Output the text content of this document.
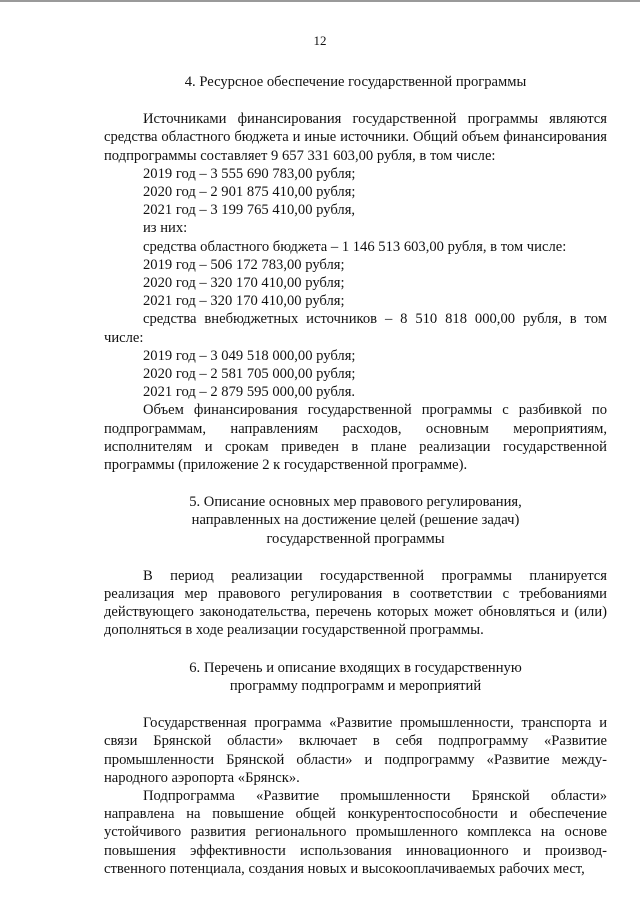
12

4. Ресурсное обеспечение государственной программы

Источниками финансирования государственной программы являются средства областного бюджета и иные источники. Общий объем финансирования подпрограммы составляет 9 657 331 603,00 рубля, в том числе:

2019 год – 3 555 690 783,00 рубля;

2020 год – 2 901 875 410,00 рубля;

2021 год – 3 199 765 410,00 рубля,

из них:

средства областного бюджета – 1 146 513 603,00 рубля, в том числе:

2019 год – 506 172 783,00 рубля;

2020 год – 320 170 410,00 рубля;

2021 год – 320 170 410,00 рубля;

средства внебюджетных источников – 8 510 818 000,00 рубля, в том числе:

2019 год – 3 049 518 000,00 рубля;

2020 год – 2 581 705 000,00 рубля;

2021 год – 2 879 595 000,00 рубля.

Объем финансирования государственной программы с разбивкой по подпрограммам, направлениям расходов, основным мероприятиям, исполнителям и срокам приведен в плане реализации государственной программы (приложение 2 к государственной программе).

5. Описание основных мер правового регулирования,

направленных на достижение целей (решение задач)

государственной программы

В период реализации государственной программы планируется реализация мер правового регулирования в соответствии с требованиями действующего законодательства, перечень которых может обновляться и (или) дополняться в ходе реализации государственной программы.

6. Перечень и описание входящих в государственную

программу подпрограмм и мероприятий

Государственная программа «Развитие промышленности, транспорта и связи Брянской области» включает в себя подпрограмму «Развитие промышленности Брянской области» и подпрограмму «Развитие между-народного аэропорта «Брянск».

Подпрограмма «Развитие промышленности Брянской области» направлена на повышение общей конкурентоспособности и обеспечение устойчивого развития регионального промышленного комплекса на основе повышения эффективности использования инновационного и производ-ственного потенциала, создания новых и высокооплачиваемых рабочих мест,
